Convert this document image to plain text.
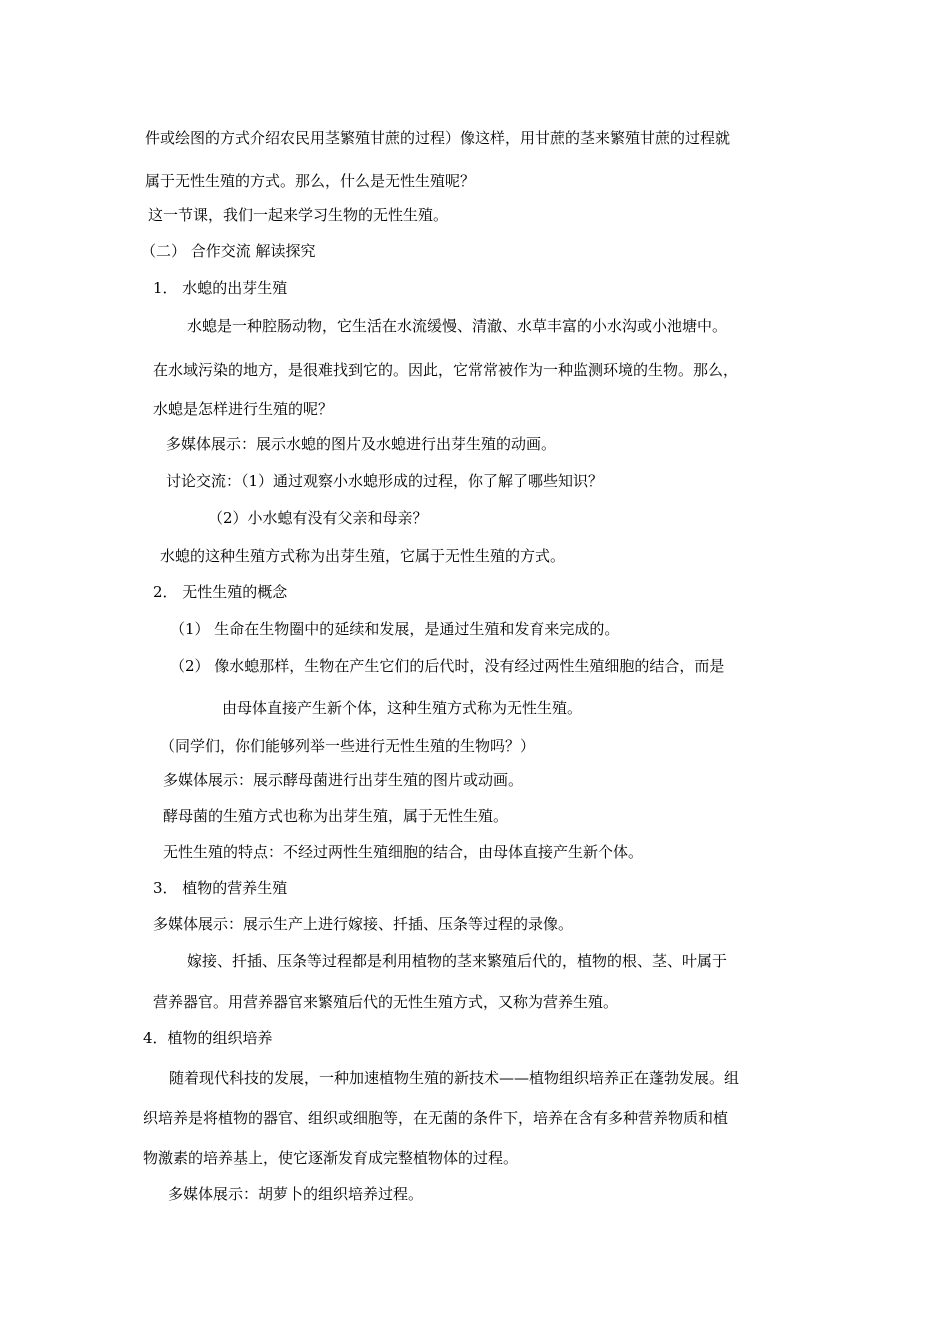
件或绘图的方式介绍农民用茎繁殖甘蔗的过程）像这样，用甘蔗的茎来繁殖甘蔗的过程就
属于无性生殖的方式。那么，什么是无性生殖呢？
这一节课，我们一起来学习生物的无性生殖。
（二） 合作交流 解读探究
1． 水螅的出芽生殖
水螅是一种腔肠动物，它生活在水流缓慢、清澈、水草丰富的小水沟或小池塘中。
在水域污染的地方，是很难找到它的。因此，它常常被作为一种监测环境的生物。那么，
水螅是怎样进行生殖的呢？
多媒体展示：展示水螅的图片及水螅进行出芽生殖的动画。
讨论交流：（1）通过观察小水螅形成的过程，你了解了哪些知识？
（2）小水螅有没有父亲和母亲？
水螅的这种生殖方式称为出芽生殖，它属于无性生殖的方式。
2． 无性生殖的概念
（1） 生命在生物圈中的延续和发展，是通过生殖和发育来完成的。
（2） 像水螅那样，生物在产生它们的后代时，没有经过两性生殖细胞的结合，而是
由母体直接产生新个体，这种生殖方式称为无性生殖。
（同学们，你们能够列举一些进行无性生殖的生物吗？）
多媒体展示：展示酵母菌进行出芽生殖的图片或动画。
酵母菌的生殖方式也称为出芽生殖，属于无性生殖。
无性生殖的特点：不经过两性生殖细胞的结合，由母体直接产生新个体。
3． 植物的营养生殖
多媒体展示：展示生产上进行嫁接、扦插、压条等过程的录像。
嫁接、扦插、压条等过程都是利用植物的茎来繁殖后代的，植物的根、茎、叶属于
营养器官。用营养器官来繁殖后代的无性生殖方式，又称为营养生殖。
4．植物的组织培养
随着现代科技的发展，一种加速植物生殖的新技术——植物组织培养正在蓬勃发展。组
织培养是将植物的器官、组织或细胞等，在无菌的条件下，培养在含有多种营养物质和植
物激素的培养基上，使它逐渐发育成完整植物体的过程。
多媒体展示：胡萝卜的组织培养过程。
